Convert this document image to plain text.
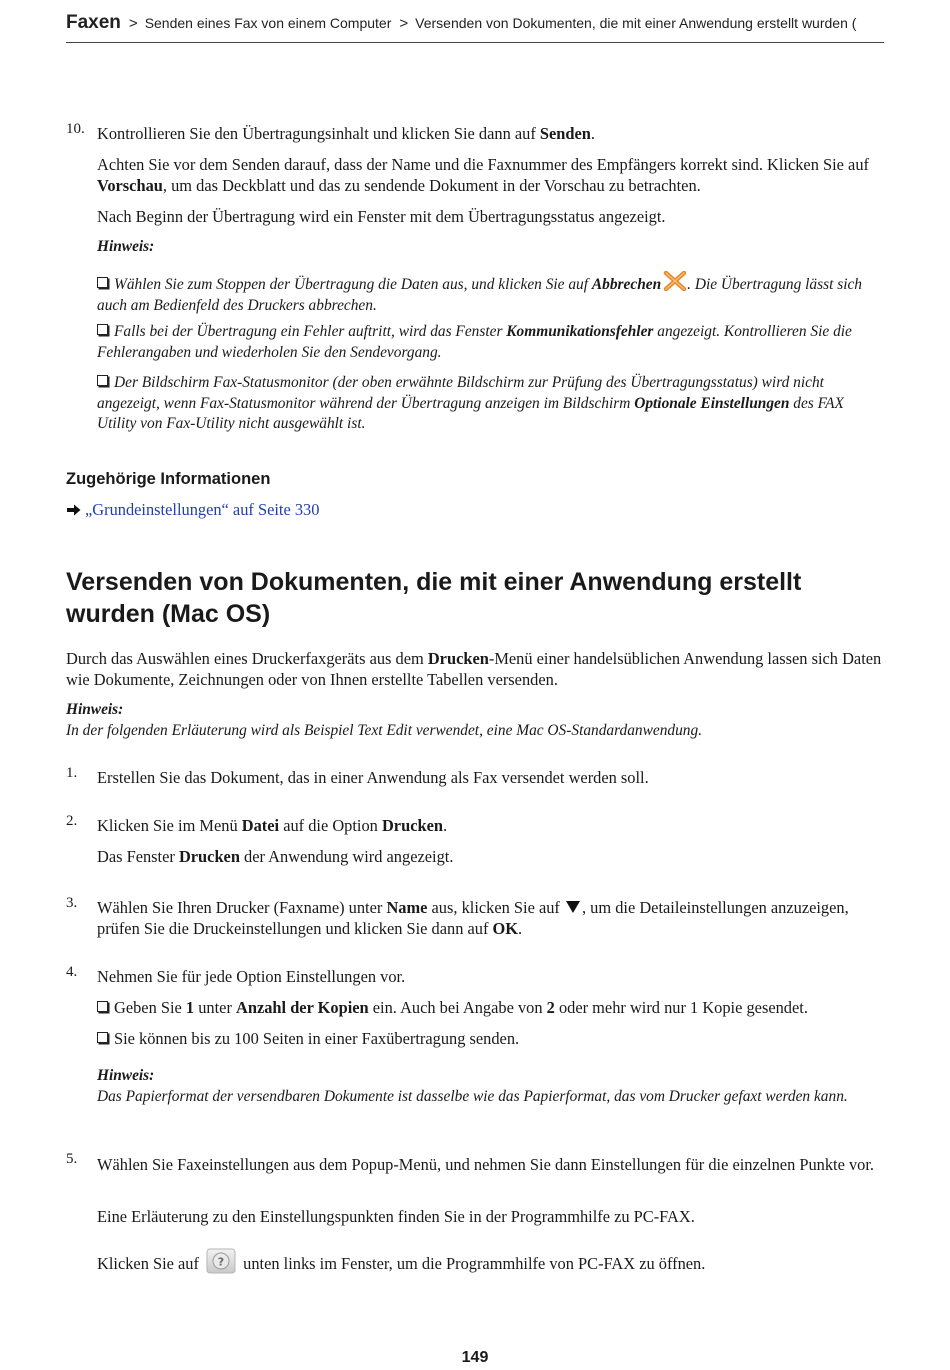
Faxen > Senden eines Fax von einem Computer > Versenden von Dokumenten, die mit einer Anwendung erstellt wurden (
10. Kontrollieren Sie den Übertragungsinhalt und klicken Sie dann auf Senden.
Achten Sie vor dem Senden darauf, dass der Name und die Faxnummer des Empfängers korrekt sind. Klicken Sie auf Vorschau, um das Deckblatt und das zu sendende Dokument in der Vorschau zu betrachten.
Nach Beginn der Übertragung wird ein Fenster mit dem Übertragungsstatus angezeigt.
Hinweis:
Wählen Sie zum Stoppen der Übertragung die Daten aus, und klicken Sie auf Abbrechen . Die Übertragung lässt sich auch am Bedienfeld des Druckers abbrechen.
Falls bei der Übertragung ein Fehler auftritt, wird das Fenster Kommunikationsfehler angezeigt. Kontrollieren Sie die Fehlerangaben und wiederholen Sie den Sendevorgang.
Der Bildschirm Fax-Statusmonitor (der oben erwähnte Bildschirm zur Prüfung des Übertragungsstatus) wird nicht angezeigt, wenn Fax-Statusmonitor während der Übertragung anzeigen im Bildschirm Optionale Einstellungen des FAX Utility von Fax-Utility nicht ausgewählt ist.
Zugehörige Informationen
„Grundeinstellungen“ auf Seite 330
Versenden von Dokumenten, die mit einer Anwendung erstellt wurden (Mac OS)
Durch das Auswählen eines Druckerfaxgeräts aus dem Drucken-Menü einer handelsüblichen Anwendung lassen sich Daten wie Dokumente, Zeichnungen oder von Ihnen erstellte Tabellen versenden.
Hinweis:
In der folgenden Erläuterung wird als Beispiel Text Edit verwendet, eine Mac OS-Standardanwendung.
1. Erstellen Sie das Dokument, das in einer Anwendung als Fax versendet werden soll.
2. Klicken Sie im Menü Datei auf die Option Drucken.
Das Fenster Drucken der Anwendung wird angezeigt.
3. Wählen Sie Ihren Drucker (Faxname) unter Name aus, klicken Sie auf , um die Detaileinstellungen anzuzeigen, prüfen Sie die Druckeinstellungen und klicken Sie dann auf OK.
4. Nehmen Sie für jede Option Einstellungen vor.
Geben Sie 1 unter Anzahl der Kopien ein. Auch bei Angabe von 2 oder mehr wird nur 1 Kopie gesendet.
Sie können bis zu 100 Seiten in einer Faxübertragung senden.
Hinweis:
Das Papierformat der versendbaren Dokumente ist dasselbe wie das Papierformat, das vom Drucker gefaxt werden kann.
5. Wählen Sie Faxeinstellungen aus dem Popup-Menü, und nehmen Sie dann Einstellungen für die einzelnen Punkte vor.
Eine Erläuterung zu den Einstellungspunkten finden Sie in der Programmhilfe zu PC-FAX.
Klicken Sie auf ? unten links im Fenster, um die Programmhilfe von PC-FAX zu öffnen.
149
